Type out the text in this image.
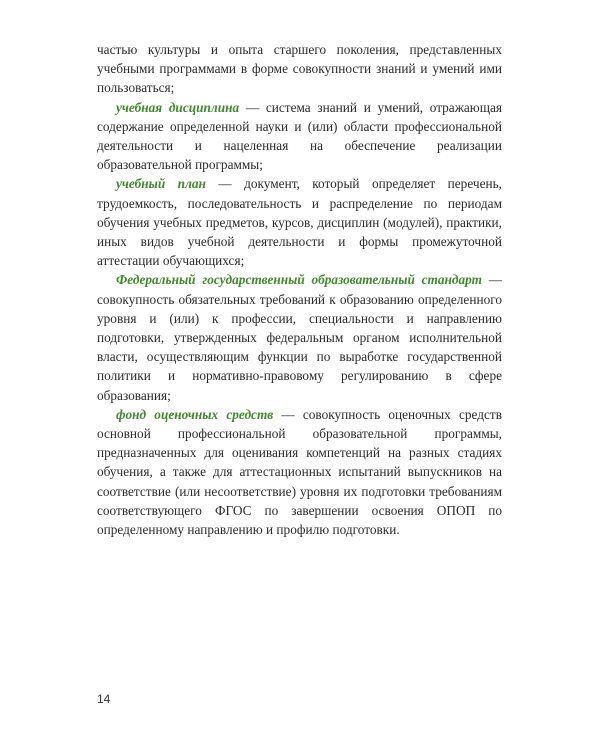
частью культуры и опыта старшего поколения, представленных учебными программами в форме совокупности знаний и умений ими пользоваться;

учебная дисциплина — система знаний и умений, отражающая содержание определенной науки и (или) области профессиональной деятельности и нацеленная на обеспечение реализации образовательной программы;

учебный план — документ, который определяет перечень, трудоемкость, последовательность и распределение по периодам обучения учебных предметов, курсов, дисциплин (модулей), практики, иных видов учебной деятельности и формы промежуточной аттестации обучающихся;

Федеральный государственный образовательный стандарт — совокупность обязательных требований к образованию определенного уровня и (или) к профессии, специальности и направлению подготовки, утвержденных федеральным органом исполнительной власти, осуществляющим функции по выработке государственной политики и нормативно-правовому регулированию в сфере образования;

фонд оценочных средств — совокупность оценочных средств основной профессиональной образовательной программы, предназначенных для оценивания компетенций на разных стадиях обучения, а также для аттестационных испытаний выпускников на соответствие (или несоответствие) уровня их подготовки требованиям соответствующего ФГОС по завершении освоения ОПОП по определенному направлению и профилю подготовки.

14
